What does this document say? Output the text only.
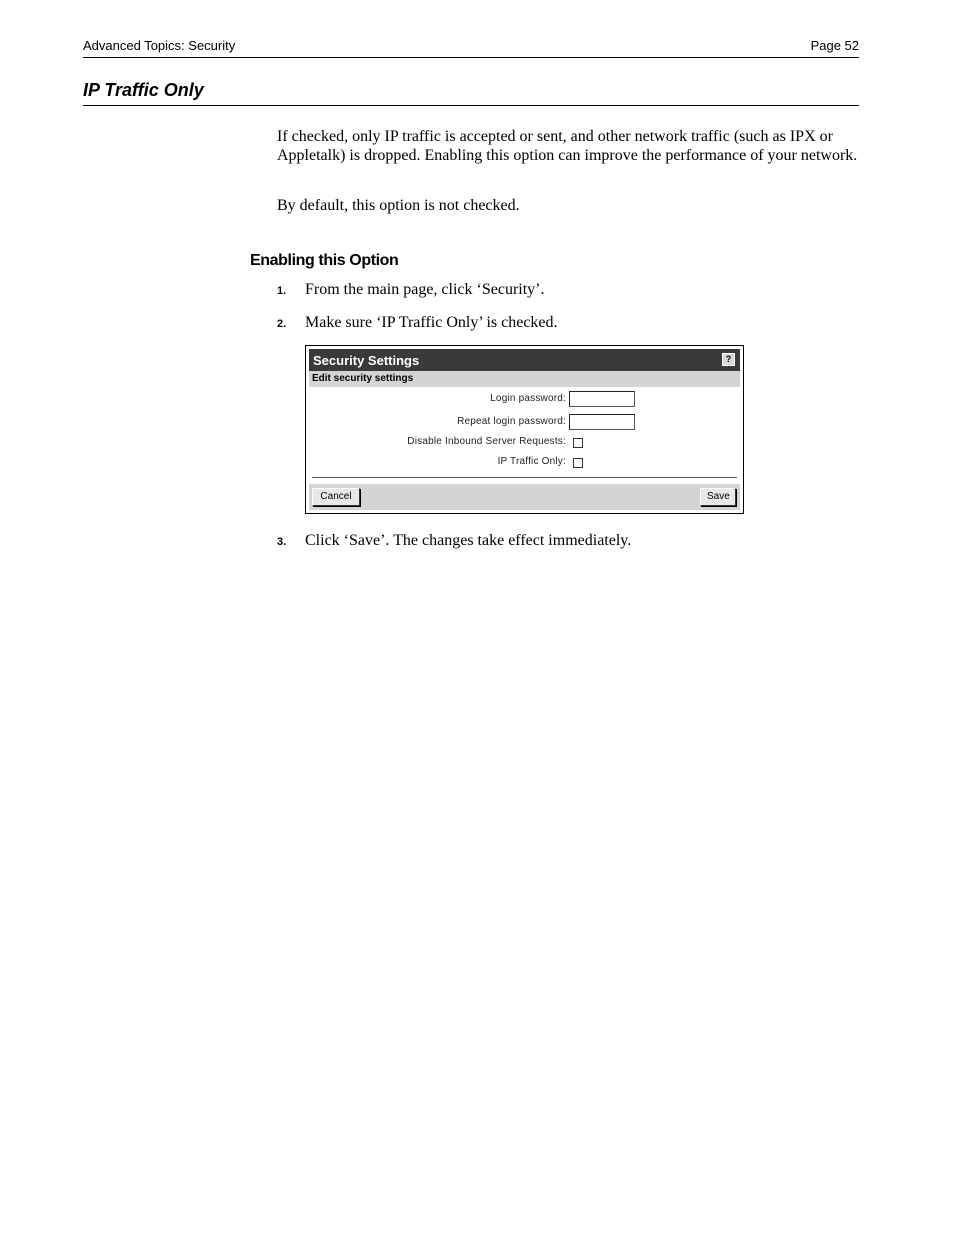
Advanced Topics: Security	Page 52
IP Traffic Only

If checked, only IP traffic is accepted or sent, and other network traffic (such as IPX or Appletalk) is dropped. Enabling this option can improve the performance of your network.

By default, this option is not checked.

Enabling this Option
1. From the main page, click ‘Security’.
2. Make sure ‘IP Traffic Only’ is checked.
Security Settings	?
Edit security settings
Login password:
Repeat login password:
Disable Inbound Server Requests:
IP Traffic Only:
Cancel	Save
3. Click ‘Save’. The changes take effect immediately.
